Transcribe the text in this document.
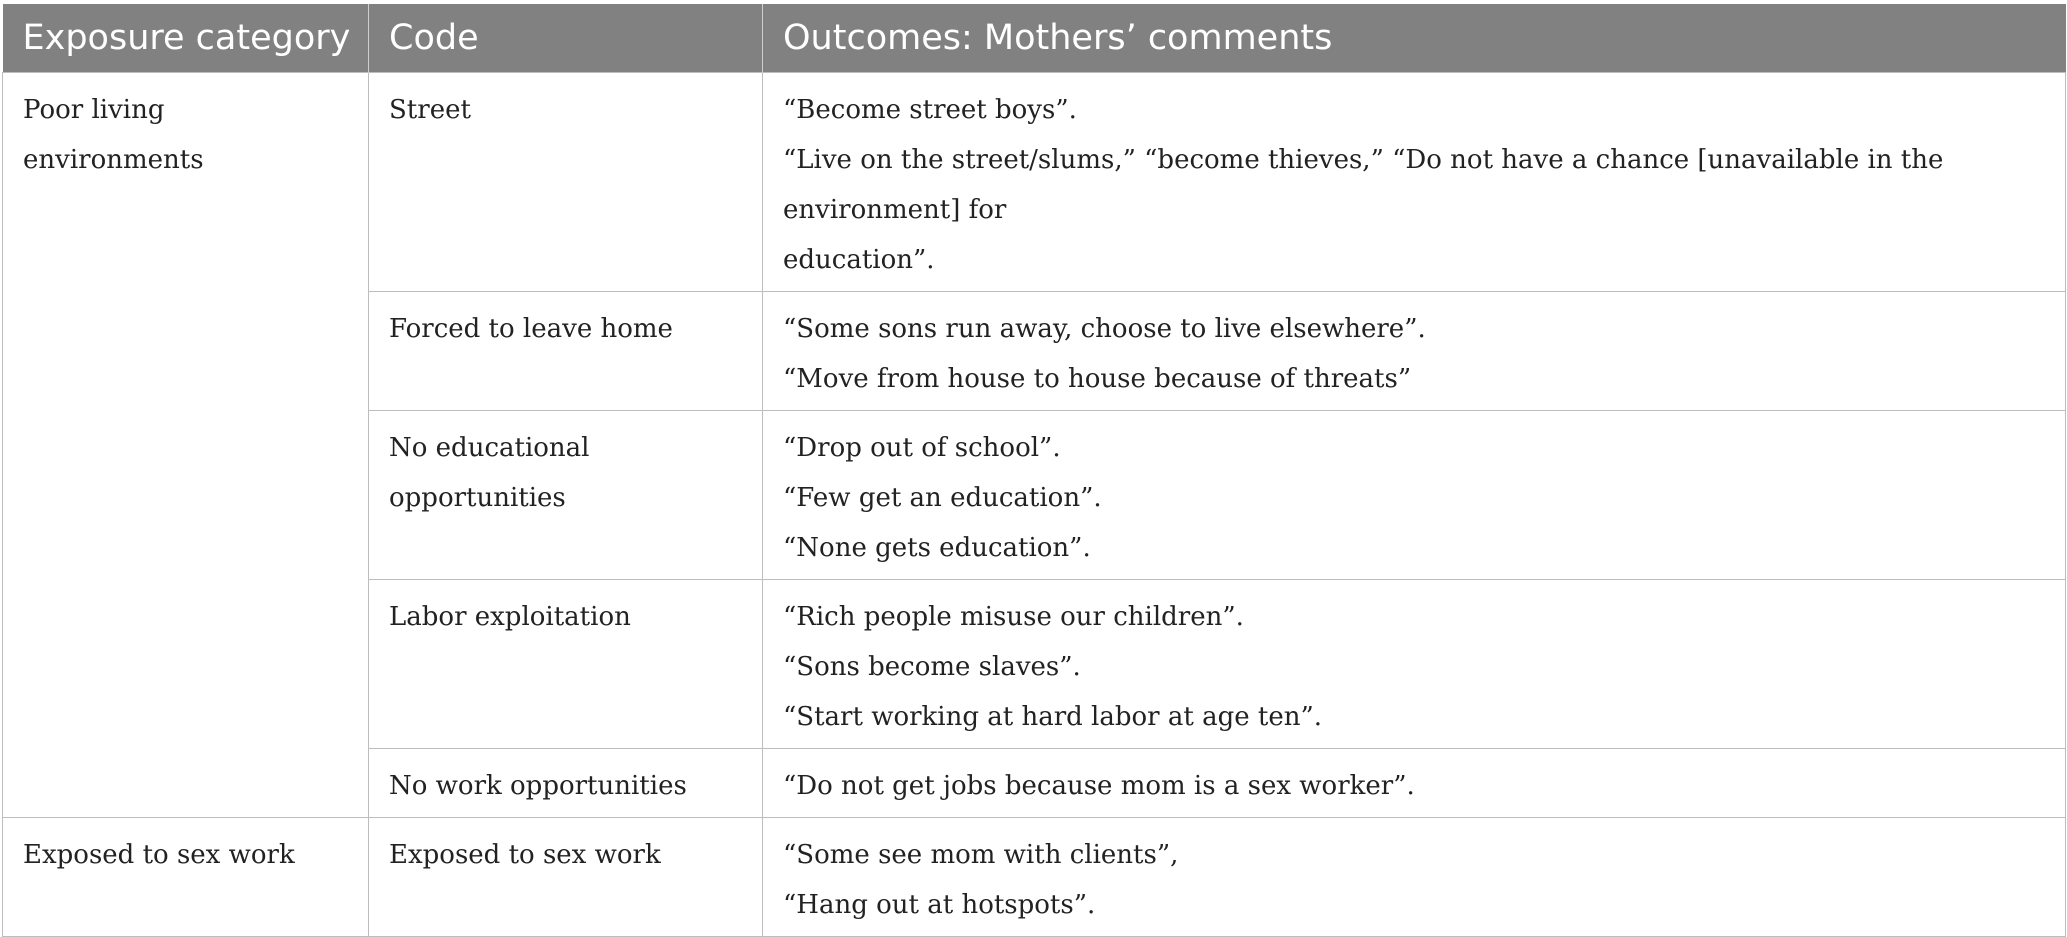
Exposure category	Code	Outcomes: Mothers’ comments
Poor living environments	Street	“Become street boys”.
“Live on the street/slums,” “become thieves,” “Do not have a chance [unavailable in the environment] for
education”.

	Forced to leave home	“Some sons run away, choose to live elsewhere”.
“Move from house to house because of threats”

	No educational opportunities	“Drop out of school”.
“Few get an education”.
“None gets education”.

	Labor exploitation	“Rich people misuse our children”.
“Sons become slaves”.
“Start working at hard labor at age ten”.

	No work opportunities	“Do not get jobs because mom is a sex worker”.

Exposed to sex work	Exposed to sex work	“Some see mom with clients”,
“Hang out at hotspots”.
